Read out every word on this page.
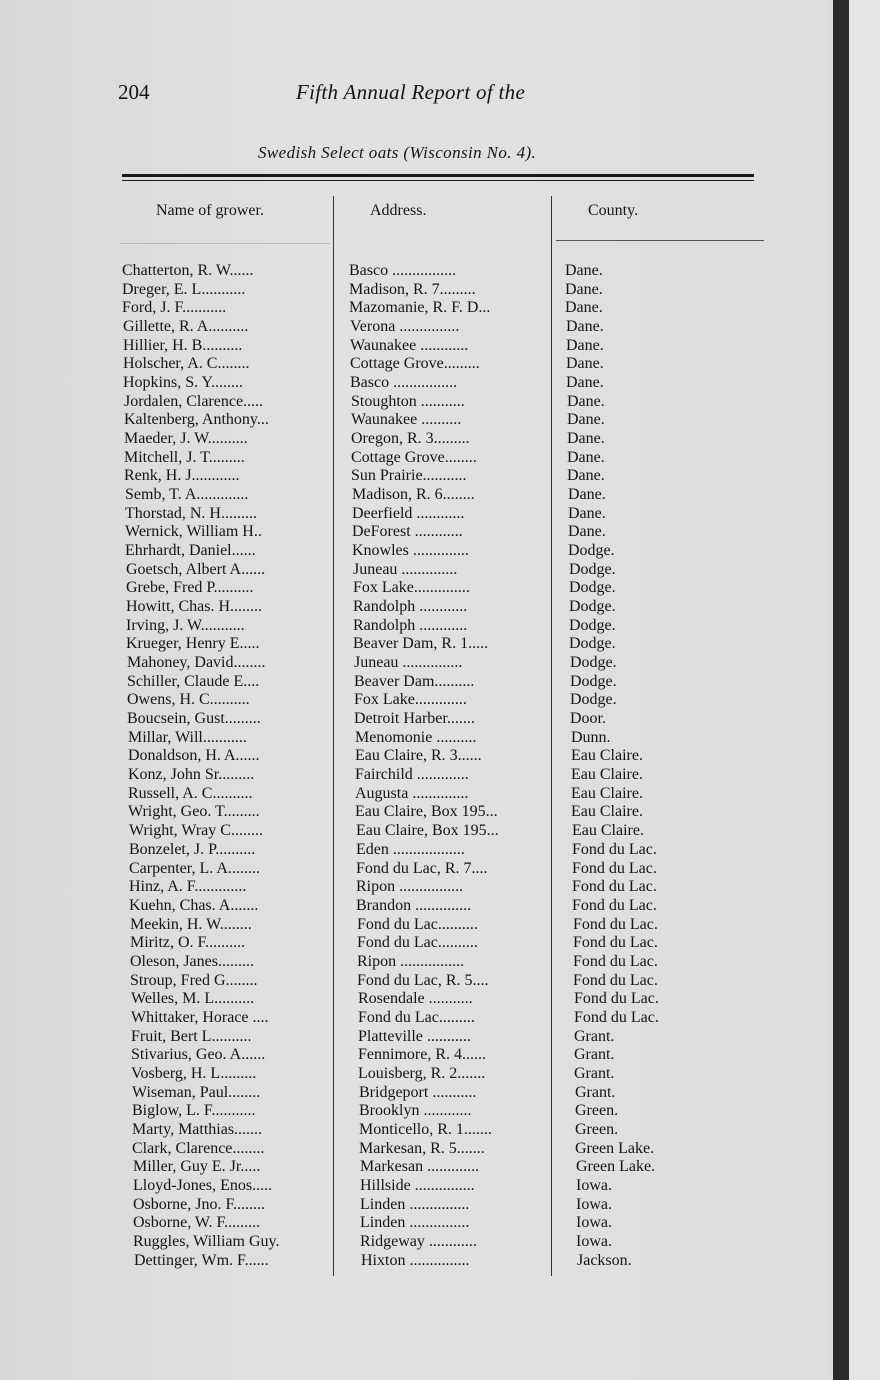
204	Fifth Annual Report of the
Swedish Select oats (Wisconsin No. 4).
Name of grower.	Address.	County.
Chatterton, R. W......	Basco ................	Dane.
Dreger, E. L...........	Madison, R. 7.........	Dane.
Ford, J. F...........	Mazomanie, R. F. D...	Dane.
Gillette, R. A..........	Verona ...............	Dane.
Hillier, H. B..........	Waunakee ............	Dane.
Holscher, A. C........	Cottage Grove.........	Dane.
Hopkins, S. Y........	Basco ................	Dane.
Jordalen, Clarence.....	Stoughton ...........	Dane.
Kaltenberg, Anthony...	Waunakee ..........	Dane.
Maeder, J. W..........	Oregon, R. 3.........	Dane.
Mitchell, J. T.........	Cottage Grove........	Dane.
Renk, H. J............	Sun Prairie...........	Dane.
Semb, T. A.............	Madison, R. 6........	Dane.
Thorstad, N. H.........	Deerfield ............	Dane.
Wernick, William H..	DeForest ............	Dane.
Ehrhardt, Daniel......	Knowles ..............	Dodge.
Goetsch, Albert A......	Juneau ..............	Dodge.
Grebe, Fred P..........	Fox Lake..............	Dodge.
Howitt, Chas. H........	Randolph ............	Dodge.
Irving, J. W...........	Randolph ............	Dodge.
Krueger, Henry E.....	Beaver Dam, R. 1.....	Dodge.
Mahoney, David........	Juneau ...............	Dodge.
Schiller, Claude E....	Beaver Dam..........	Dodge.
Owens, H. C..........	Fox Lake.............	Dodge.
Boucsein, Gust.........	Detroit Harber.......	Door.
Millar, Will...........	Menomonie ..........	Dunn.
Donaldson, H. A......	Eau Claire, R. 3......	Eau Claire.
Konz, John Sr.........	Fairchild .............	Eau Claire.
Russell, A. C..........	Augusta ..............	Eau Claire.
Wright, Geo. T.........	Eau Claire, Box 195...	Eau Claire.
Wright, Wray C........	Eau Claire, Box 195...	Eau Claire.
Bonzelet, J. P..........	Eden ..................	Fond du Lac.
Carpenter, L. A........	Fond du Lac, R. 7....	Fond du Lac.
Hinz, A. F.............	Ripon ................	Fond du Lac.
Kuehn, Chas. A.......	Brandon ..............	Fond du Lac.
Meekin, H. W........	Fond du Lac..........	Fond du Lac.
Miritz, O. F..........	Fond du Lac..........	Fond du Lac.
Oleson, Janes.........	Ripon ................	Fond du Lac.
Stroup, Fred G........	Fond du Lac, R. 5....	Fond du Lac.
Welles, M. L..........	Rosendale ...........	Fond du Lac.
Whittaker, Horace ....	Fond du Lac.........	Fond du Lac.
Fruit, Bert L..........	Platteville ...........	Grant.
Stivarius, Geo. A......	Fennimore, R. 4......	Grant.
Vosberg, H. L.........	Louisberg, R. 2.......	Grant.
Wiseman, Paul........	Bridgeport ...........	Grant.
Biglow, L. F...........	Brooklyn ............	Green.
Marty, Matthias.......	Monticello, R. 1.......	Green.
Clark, Clarence........	Markesan, R. 5.......	Green Lake.
Miller, Guy E. Jr.....	Markesan .............	Green Lake.
Lloyd-Jones, Enos.....	Hillside ...............	Iowa.
Osborne, Jno. F........	Linden ...............	Iowa.
Osborne, W. F.........	Linden ...............	Iowa.
Ruggles, William Guy.	Ridgeway ............	Iowa.
Dettinger, Wm. F......	Hixton ...............	Jackson.
